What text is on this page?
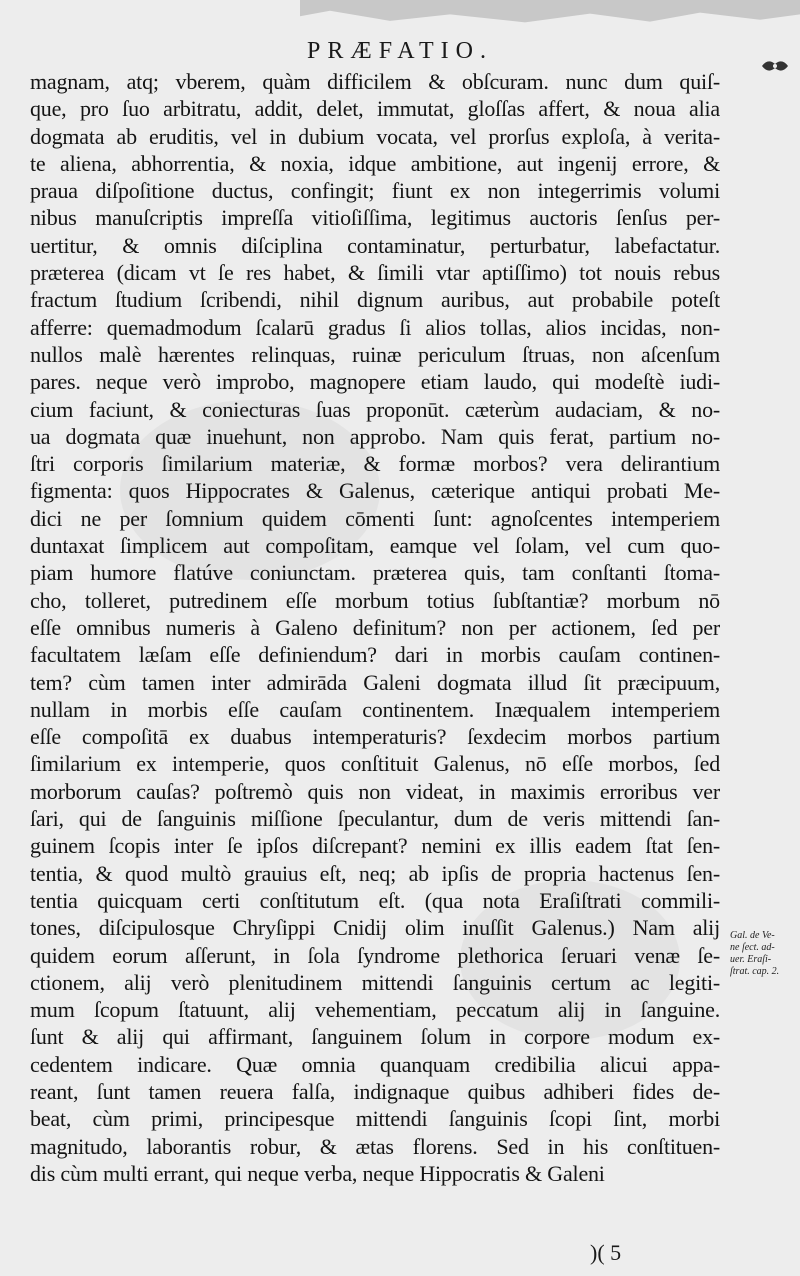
PRÆFATIO.
magnam, atq; vberem, quàm difficilem & obſcuram. nunc dum quiſ-
que, pro ſuo arbitratu, addit, delet, immutat, gloſſas affert, & noua alia
dogmata ab eruditis, vel in dubium vocata, vel prorſus exploſa, à verita-
te aliena, abhorrentia, & noxia, idque ambitione, aut ingenij errore, &
praua diſpoſitione ductus, confingit; fiunt ex non integerrimis volumi
nibus manuſcriptis impreſſa vitioſiſſima, legitimus auctoris ſenſus per-
uertitur, & omnis diſciplina contaminatur, perturbatur, labefactatur.
præterea (dicam vt ſe res habet, & ſimili vtar aptiſſimo) tot nouis rebus
fractum ſtudium ſcribendi, nihil dignum auribus, aut probabile poteſt
afferre: quemadmodum ſcalarū gradus ſi alios tollas, alios incidas, non-
nullos malè hærentes relinquas, ruinæ periculum ſtruas, non aſcenſum
pares. neque verò improbo, magnopere etiam laudo, qui modeſtè iudi-
cium faciunt, & coniecturas ſuas proponūt. cæterùm audaciam, & no-
ua dogmata quæ inuehunt, non approbo. Nam quis ferat, partium no-
ſtri corporis ſimilarium materiæ, & formæ morbos? vera delirantium
figmenta: quos Hippocrates & Galenus, cæterique antiqui probati Me-
dici ne per ſomnium quidem cōmenti ſunt: agnoſcentes intemperiem
duntaxat ſimplicem aut compoſitam, eamque vel ſolam, vel cum quo-
piam humore flatúve coniunctam. præterea quis, tam conſtanti ſtoma-
cho, tolleret, putredinem eſſe morbum totius ſubſtantiæ? morbum nō
eſſe omnibus numeris à Galeno definitum? non per actionem, ſed per
facultatem læſam eſſe definiendum? dari in morbis cauſam continen-
tem? cùm tamen inter admirāda Galeni dogmata illud ſit præcipuum,
nullam in morbis eſſe cauſam continentem. Inæqualem intemperiem
eſſe compoſitā ex duabus intemperaturis? ſexdecim morbos partium
ſimilarium ex intemperie, quos conſtituit Galenus, nō eſſe morbos, ſed
morborum cauſas? poſtremò quis non videat, in maximis erroribus ver
ſari, qui de ſanguinis miſſione ſpeculantur, dum de veris mittendi ſan-
guinem ſcopis inter ſe ipſos diſcrepant? nemini ex illis eadem ſtat ſen-
tentia, & quod multò grauius eſt, neq; ab ipſis de propria hactenus ſen-
tentia quicquam certi conſtitutum eſt. (qua nota Eraſiſtrati commili-
tones, diſcipulosque Chryſippi Cnidij olim inuſſit Galenus.) Nam alij
quidem eorum aſſerunt, in ſola ſyndrome plethorica ſeruari venæ ſe-
ctionem, alij verò plenitudinem mittendi ſanguinis certum ac legiti-
mum ſcopum ſtatuunt, alij vehementiam, peccatum alij in ſanguine.
ſunt & alij qui affirmant, ſanguinem ſolum in corpore modum ex-
cedentem indicare. Quæ omnia quanquam credibilia alicui appa-
reant, ſunt tamen reuera falſa, indignaque quibus adhiberi fides de-
beat, cùm primi, principesque mittendi ſanguinis ſcopi ſint, morbi
magnitudo, laborantis robur, & ætas florens. Sed in his conſtituen-
dis cùm multi errant, qui neque verba, neque Hippocratis & Galeni
Gal. de Ve-
ne ſect. ad-
uer. Eraſi-
ſtrat. cap. 2.
)( 5
